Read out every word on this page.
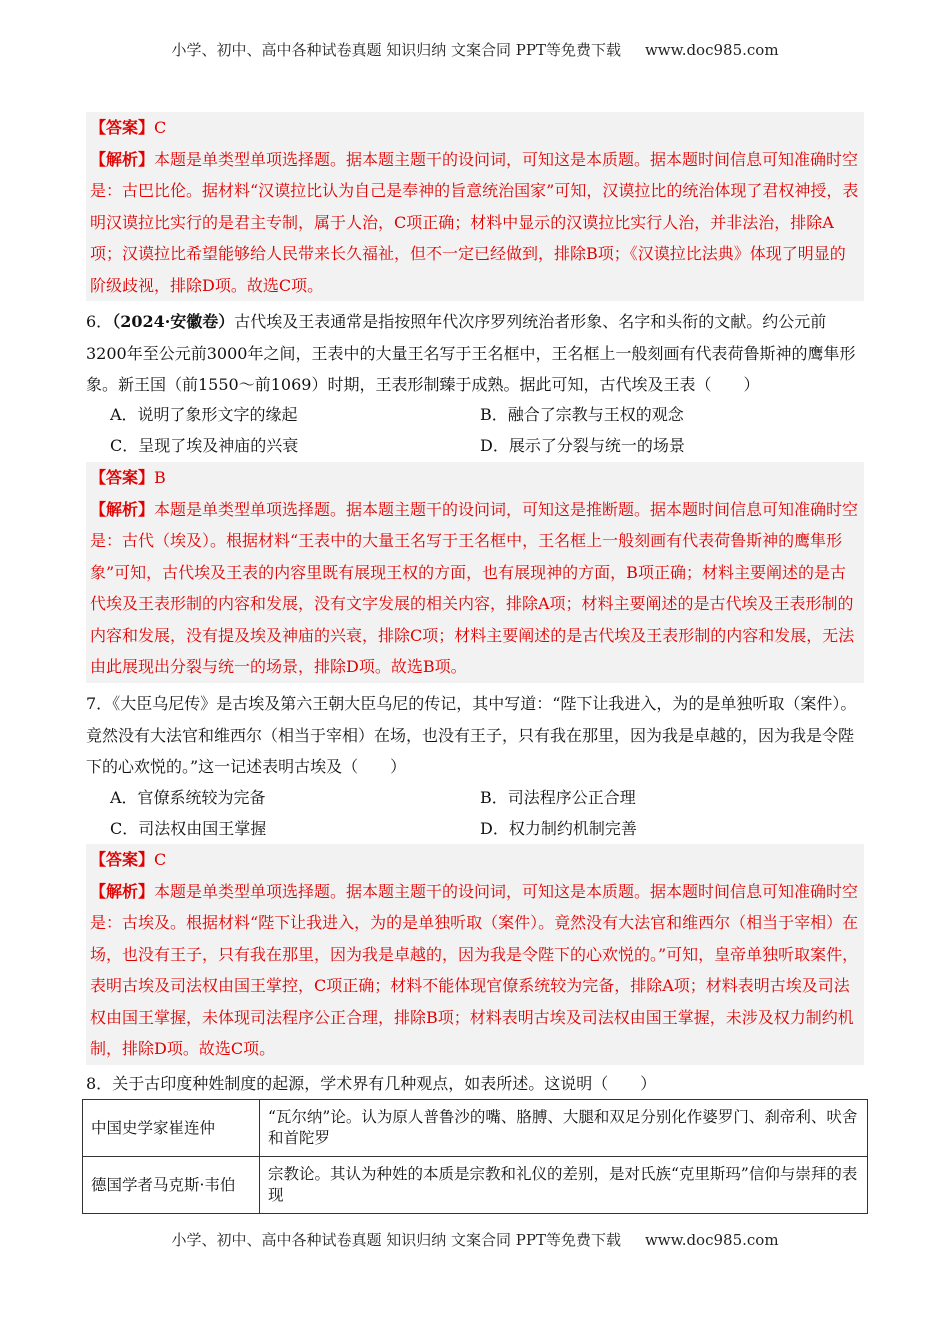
小学、初中、高中各种试卷真题 知识归纳 文案合同 PPT等免费下载 www.doc985.com
【答案】C
【解析】本题是单类型单项选择题。据本题主题干的设问词，可知这是本质题。据本题时间信息可知准确时空是：古巴比伦。据材料“汉谟拉比认为自己是奉神的旨意统治国家”可知，汉谟拉比的统治体现了君权神授，表明汉谟拉比实行的是君主专制，属于人治，C项正确；材料中显示的汉谟拉比实行人治，并非法治，排除A项；汉谟拉比希望能够给人民带来长久福祉，但不一定已经做到，排除B项；《汉谟拉比法典》体现了明显的阶级歧视，排除D项。故选C项。
6．（2024·安徽卷）古代埃及王表通常是指按照年代次序罗列统治者形象、名字和头衔的文献。约公元前3200年至公元前3000年之间，王表中的大量王名写于王名框中，王名框上一般刻画有代表荷鲁斯神的鹰隼形象。新王国（前1550～前1069）时期，王表形制臻于成熟。据此可知，古代埃及王表（　　）
A．说明了象形文字的缘起	B．融合了宗教与王权的观念
C．呈现了埃及神庙的兴衰	D．展示了分裂与统一的场景
【答案】B
【解析】本题是单类型单项选择题。据本题主题干的设问词，可知这是推断题。据本题时间信息可知准确时空是：古代（埃及）。根据材料“王表中的大量王名写于王名框中，王名框上一般刻画有代表荷鲁斯神的鹰隼形象”可知，古代埃及王表的内容里既有展现王权的方面，也有展现神的方面，B项正确；材料主要阐述的是古代埃及王表形制的内容和发展，没有文字发展的相关内容，排除A项；材料主要阐述的是古代埃及王表形制的内容和发展，没有提及埃及神庙的兴衰，排除C项；材料主要阐述的是古代埃及王表形制的内容和发展，无法由此展现出分裂与统一的场景，排除D项。故选B项。
7．《大臣乌尼传》是古埃及第六王朝大臣乌尼的传记，其中写道：“陛下让我进入，为的是单独听取（案件）。竟然没有大法官和维西尔（相当于宰相）在场，也没有王子，只有我在那里，因为我是卓越的，因为我是令陛下的心欢悦的。”这一记述表明古埃及（　　）
A．官僚系统较为完备	B．司法程序公正合理
C．司法权由国王掌握	D．权力制约机制完善
【答案】C
【解析】本题是单类型单项选择题。据本题主题干的设问词，可知这是本质题。据本题时间信息可知准确时空是：古埃及。根据材料“陛下让我进入，为的是单独听取（案件）。竟然没有大法官和维西尔（相当于宰相）在场，也没有王子，只有我在那里，因为我是卓越的，因为我是令陛下的心欢悦的。”可知，皇帝单独听取案件，表明古埃及司法权由国王掌控，C项正确；材料不能体现官僚系统较为完备，排除A项；材料表明古埃及司法权由国王掌握，未体现司法程序公正合理，排除B项；材料表明古埃及司法权由国王掌握，未涉及权力制约机制，排除D项。故选C项。
8．关于古印度种姓制度的起源，学术界有几种观点，如表所述。这说明（　　）
中国史学家崔连仲	“瓦尔纳”论。认为原人普鲁沙的嘴、胳膊、大腿和双足分别化作婆罗门、刹帝利、吠舍和首陀罗
德国学者马克斯·韦伯	宗教论。其认为种姓的本质是宗教和礼仪的差别，是对氏族“克里斯玛”信仰与崇拜的表现
小学、初中、高中各种试卷真题 知识归纳 文案合同 PPT等免费下载 www.doc985.com
